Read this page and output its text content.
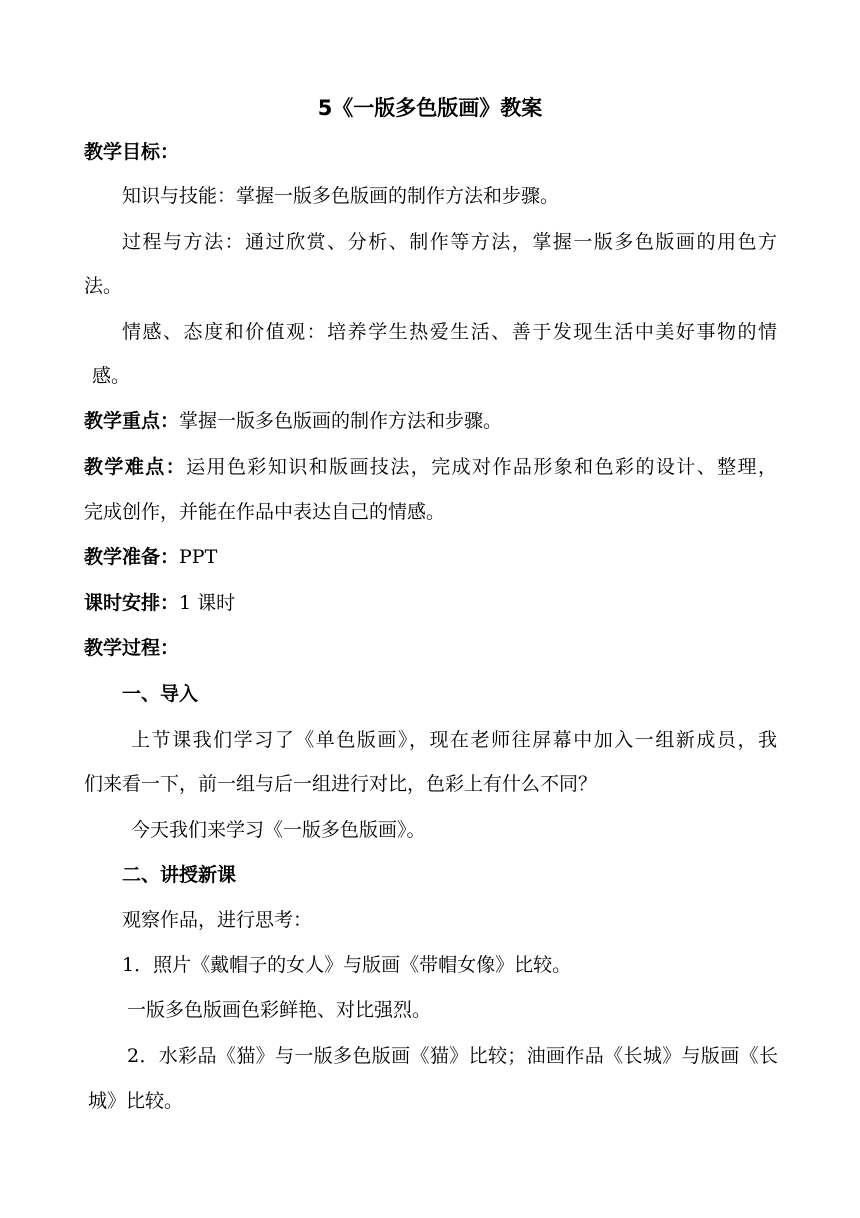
5《一版多色版画》教案
教学目标：
知识与技能：掌握一版多色版画的制作方法和步骤。
过程与方法：通过欣赏、分析、制作等方法，掌握一版多色版画的用色方
法。
情感、态度和价值观：培养学生热爱生活、善于发现生活中美好事物的情
感。
教学重点：掌握一版多色版画的制作方法和步骤。
教学难点：运用色彩知识和版画技法，完成对作品形象和色彩的设计、整理，
完成创作，并能在作品中表达自己的情感。
教学准备：PPT
课时安排：1 课时
教学过程：
一、导入
上节课我们学习了《单色版画》，现在老师往屏幕中加入一组新成员，我
们来看一下，前一组与后一组进行对比，色彩上有什么不同？
今天我们来学习《一版多色版画》。
二、讲授新课
观察作品，进行思考：
1．照片《戴帽子的女人》与版画《带帽女像》比较。
一版多色版画色彩鲜艳、对比强烈。
2．水彩品《猫》与一版多色版画《猫》比较；油画作品《长城》与版画《长
城》比较。
